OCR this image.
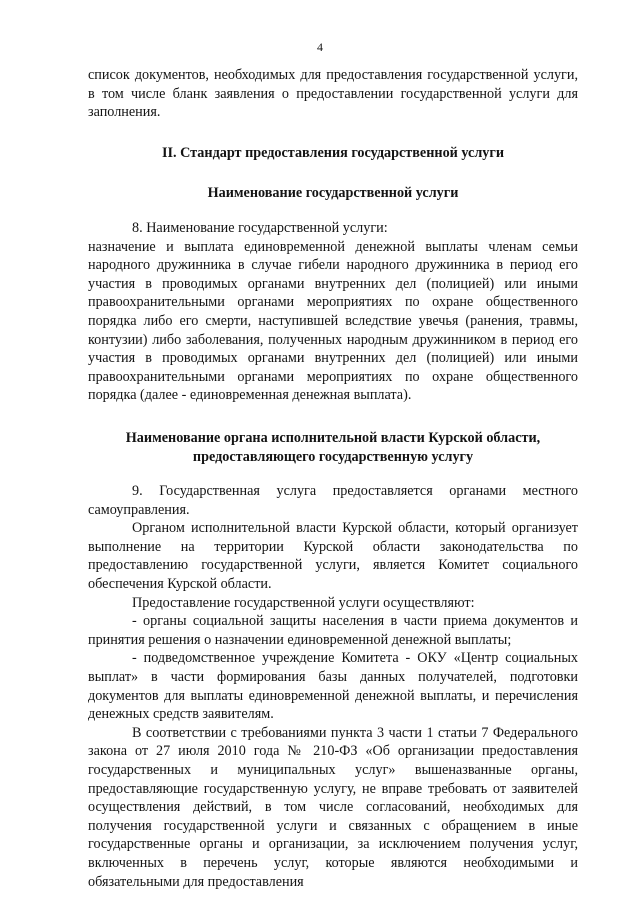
4

список документов, необходимых для предоставления государственной услуги, в том числе бланк заявления о предоставлении государственной услуги для заполнения.

II. Стандарт предоставления государственной услуги

Наименование государственной услуги

8. Наименование государственной услуги:

назначение и выплата единовременной денежной выплаты членам семьи народного дружинника в случае гибели народного дружинника в период его участия в проводимых органами внутренних дел (полицией) или иными правоохранительными органами мероприятиях по охране общественного порядка либо его смерти, наступившей вследствие увечья (ранения, травмы, контузии) либо заболевания, полученных народным дружинником в период его участия в проводимых органами внутренних дел (полицией) или иными правоохранительными органами мероприятиях по охране общественного порядка (далее - единовременная денежная выплата).

Наименование органа исполнительной власти Курской области, предоставляющего государственную услугу

9. Государственная услуга предоставляется органами местного самоуправления.

Органом исполнительной власти Курской области, который организует выполнение на территории Курской области законодательства по предоставлению государственной услуги, является Комитет социального обеспечения Курской области.

Предоставление государственной услуги осуществляют:

- органы социальной защиты населения в части приема документов и принятия решения о назначении единовременной денежной выплаты;

- подведомственное учреждение Комитета - ОКУ «Центр социальных выплат» в части формирования базы данных получателей, подготовки документов для выплаты единовременной денежной выплаты, и перечисления денежных средств заявителям.

В соответствии с требованиями пункта 3 части 1 статьи 7 Федерального закона от 27 июля 2010 года № 210-ФЗ «Об организации предоставления государственных и муниципальных услуг» вышеназванные органы, предоставляющие государственную услугу, не вправе требовать от заявителей осуществления действий, в том числе согласований, необходимых для получения государственной услуги и связанных с обращением в иные государственные органы и организации, за исключением получения услуг, включенных в перечень услуг, которые являются необходимыми и обязательными для предоставления
